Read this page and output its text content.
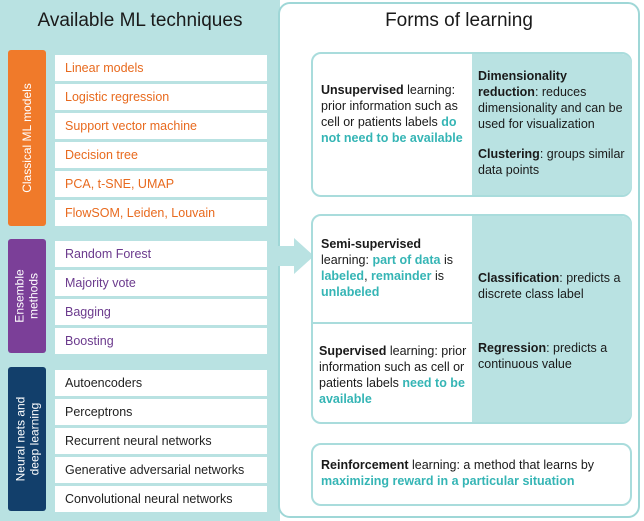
Available ML techniques
Classical ML models
Ensemble methods
Neural nets and deep learning
Linear models
Logistic regression
Support vector machine
Decision tree
PCA, t-SNE, UMAP
FlowSOM, Leiden, Louvain
Random Forest
Majority vote
Bagging
Boosting
Autoencoders
Perceptrons
Recurrent neural networks
Generative adversarial networks
Convolutional neural networks
Forms of learning
Unsupervised learning: prior information such as cell or patients labels do not need to be available
Dimensionality reduction: reduces dimensionality and can be used for visualization
Clustering: groups similar data points
Semi-supervised learning: part of data is labeled, remainder is unlabeled
Supervised learning: prior information such as cell or patients labels need to be available
Classification: predicts a discrete class label
Regression: predicts a continuous value
Reinforcement learning: a method that learns by maximizing reward in a particular situation
